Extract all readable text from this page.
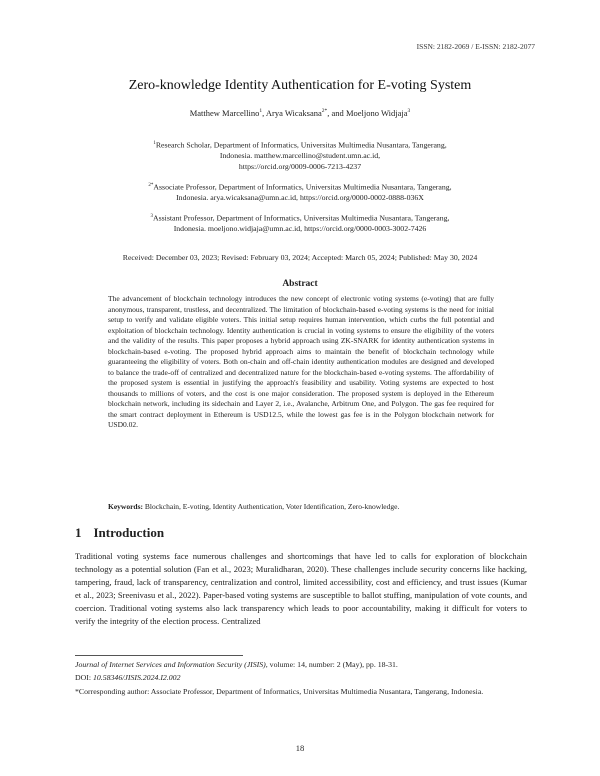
ISSN: 2182-2069 / E-ISSN: 2182-2077
Zero-knowledge Identity Authentication for E-voting System
Matthew Marcellino$^1$, Arya Wicaksana$^{2*}$, and Moeljono Widjaja$^3$
$^1$Research Scholar, Department of Informatics, Universitas Multimedia Nusantara, Tangerang,
Indonesia. matthew.marcellino@student.umn.ac.id,
https://orcid.org/0009-0006-7213-4237
$^{2*}$Associate Professor, Department of Informatics, Universitas Multimedia Nusantara, Tangerang,
Indonesia. arya.wicaksana@umn.ac.id, https://orcid.org/0000-0002-0888-036X
$^3$Assistant Professor, Department of Informatics, Universitas Multimedia Nusantara, Tangerang,
Indonesia. moeljono.widjaja@umn.ac.id, https://orcid.org/0000-0003-3002-7426
Received: December 03, 2023; Revised: February 03, 2024; Accepted: March 05, 2024; Published: May 30, 2024
Abstract

The advancement of blockchain technology introduces the new concept of electronic voting systems (e-voting) that are fully anonymous, transparent, trustless, and decentralized. The limitation of blockchain-based e-voting systems is the need for initial setup to verify and validate eligible voters. This initial setup requires human intervention, which curbs the full potential and exploitation of blockchain technology. Identity authentication is crucial in voting systems to ensure the eligibility of the voters and the validity of the results. This paper proposes a hybrid approach using ZK-SNARK for identity authentication systems in blockchain-based e-voting. The proposed hybrid approach aims to maintain the benefit of blockchain technology while guaranteeing the eligibility of voters. Both on-chain and off-chain identity authentication modules are designed and developed to balance the trade-off of centralized and decentralized nature for the blockchain-based e-voting systems. The affordability of the proposed system is essential in justifying the approach's feasibility and usability. Voting systems are expected to host thousands to millions of voters, and the cost is one major consideration. The proposed system is deployed in the Ethereum blockchain network, including its sidechain and Layer 2, i.e., Avalanche, Arbitrum One, and Polygon. The gas fee required for the smart contract deployment in Ethereum is USD12.5, while the lowest gas fee is in the Polygon blockchain network for USD0.02.

Keywords: Blockchain, E-voting, Identity Authentication, Voter Identification, Zero-knowledge.
1 Introduction

Traditional voting systems face numerous challenges and shortcomings that have led to calls for exploration of blockchain technology as a potential solution (Fan et al., 2023; Muralidharan, 2020). These challenges include security concerns like hacking, tampering, fraud, lack of transparency, centralization and control, limited accessibility, cost and efficiency, and trust issues (Kumar et al., 2023; Sreenivasu et al., 2022). Paper-based voting systems are susceptible to ballot stuffing, manipulation of vote counts, and coercion. Traditional voting systems also lack transparency which leads to poor accountability, making it difficult for voters to verify the integrity of the election process. Centralized

Journal of Internet Services and Information Security (JISIS), volume: 14, number: 2 (May), pp. 18-31.
DOI: 10.58346/JISIS.2024.I2.002
*Corresponding author: Associate Professor, Department of Informatics, Universitas Multimedia Nusantara, Tangerang, Indonesia.
18
